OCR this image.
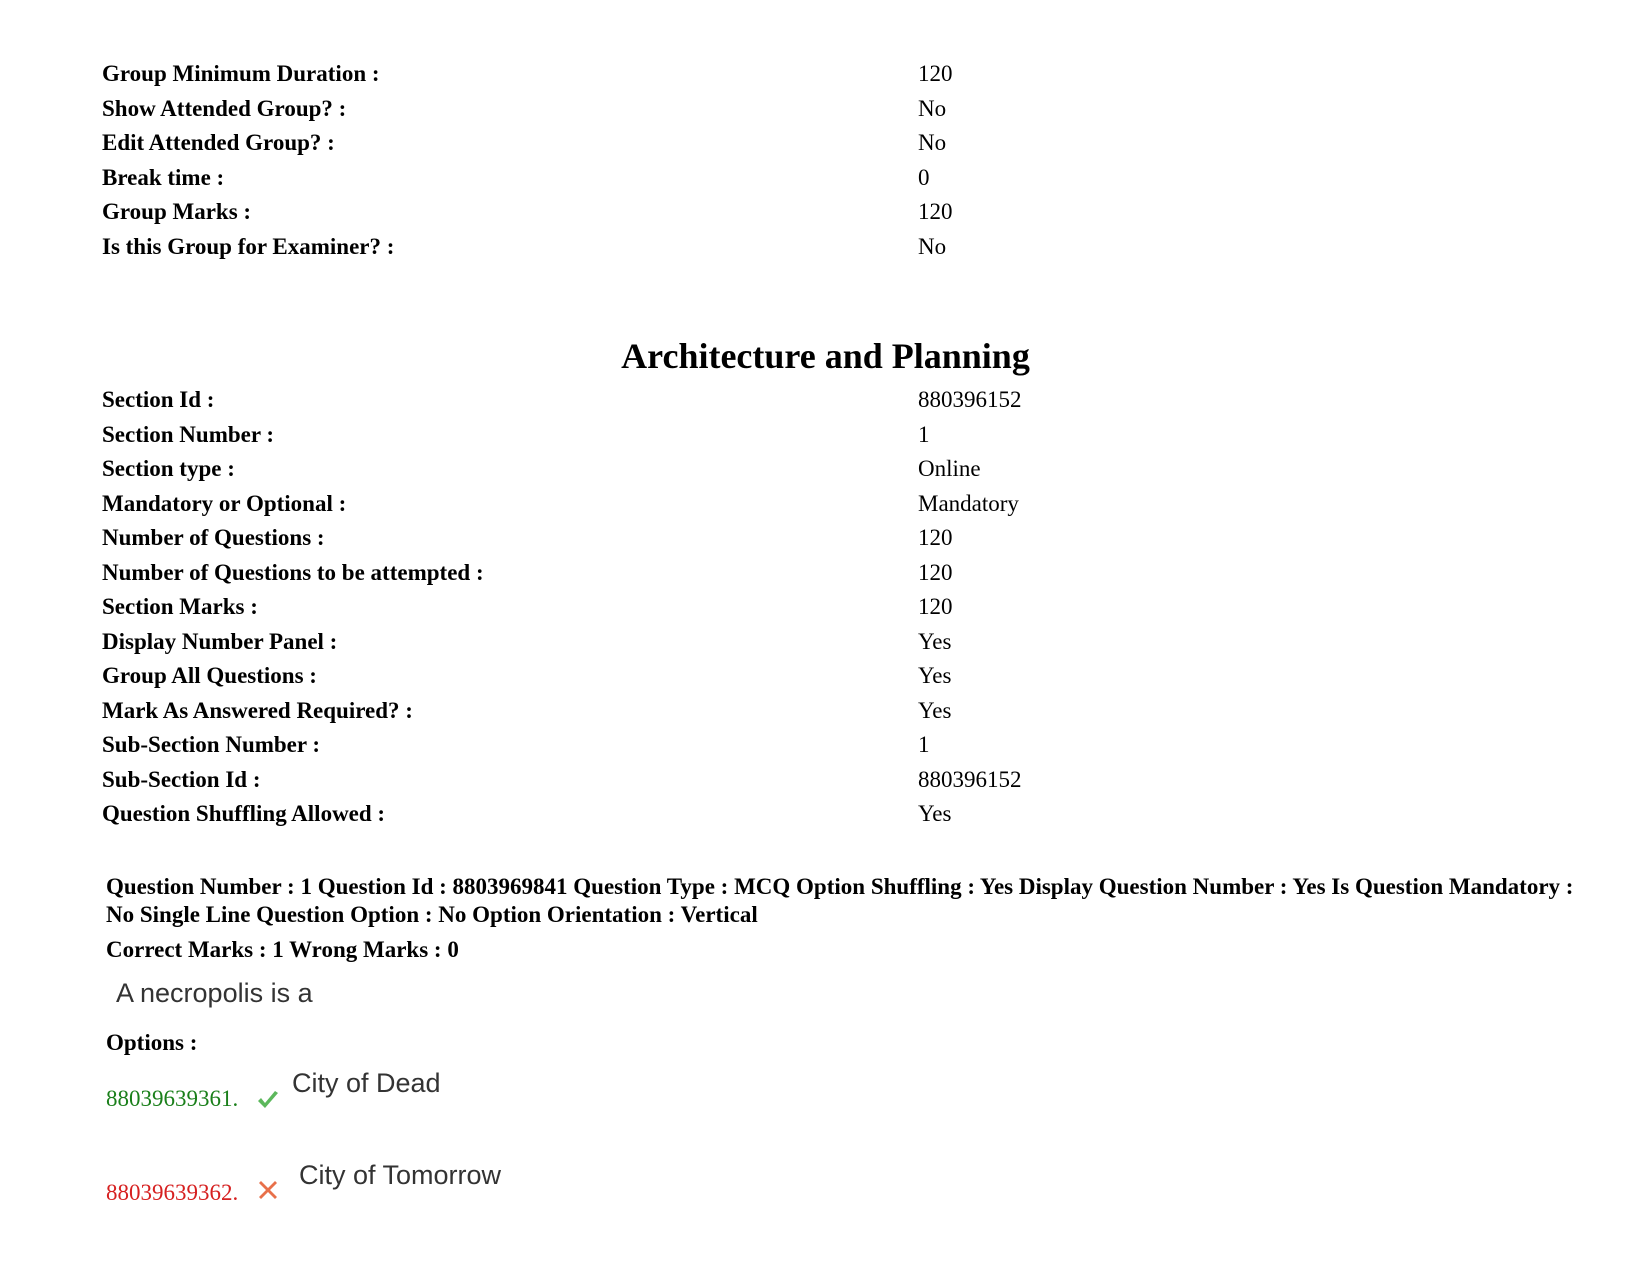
Group Minimum Duration :	120
Show Attended Group? :	No
Edit Attended Group? :	No
Break time :	0
Group Marks :	120
Is this Group for Examiner? :	No
Architecture and Planning
Section Id :	880396152
Section Number :	1
Section type :	Online
Mandatory or Optional :	Mandatory
Number of Questions :	120
Number of Questions to be attempted :	120
Section Marks :	120
Display Number Panel :	Yes
Group All Questions :	Yes
Mark As Answered Required? :	Yes
Sub-Section Number :	1
Sub-Section Id :	880396152
Question Shuffling Allowed :	Yes
Question Number : 1 Question Id : 8803969841 Question Type : MCQ Option Shuffling : Yes Display Question Number : Yes Is Question Mandatory : No Single Line Question Option : No Option Orientation : Vertical
Correct Marks : 1 Wrong Marks : 0
A necropolis is a
Options :
88039639361.
City of Dead
88039639362.
City of Tomorrow
